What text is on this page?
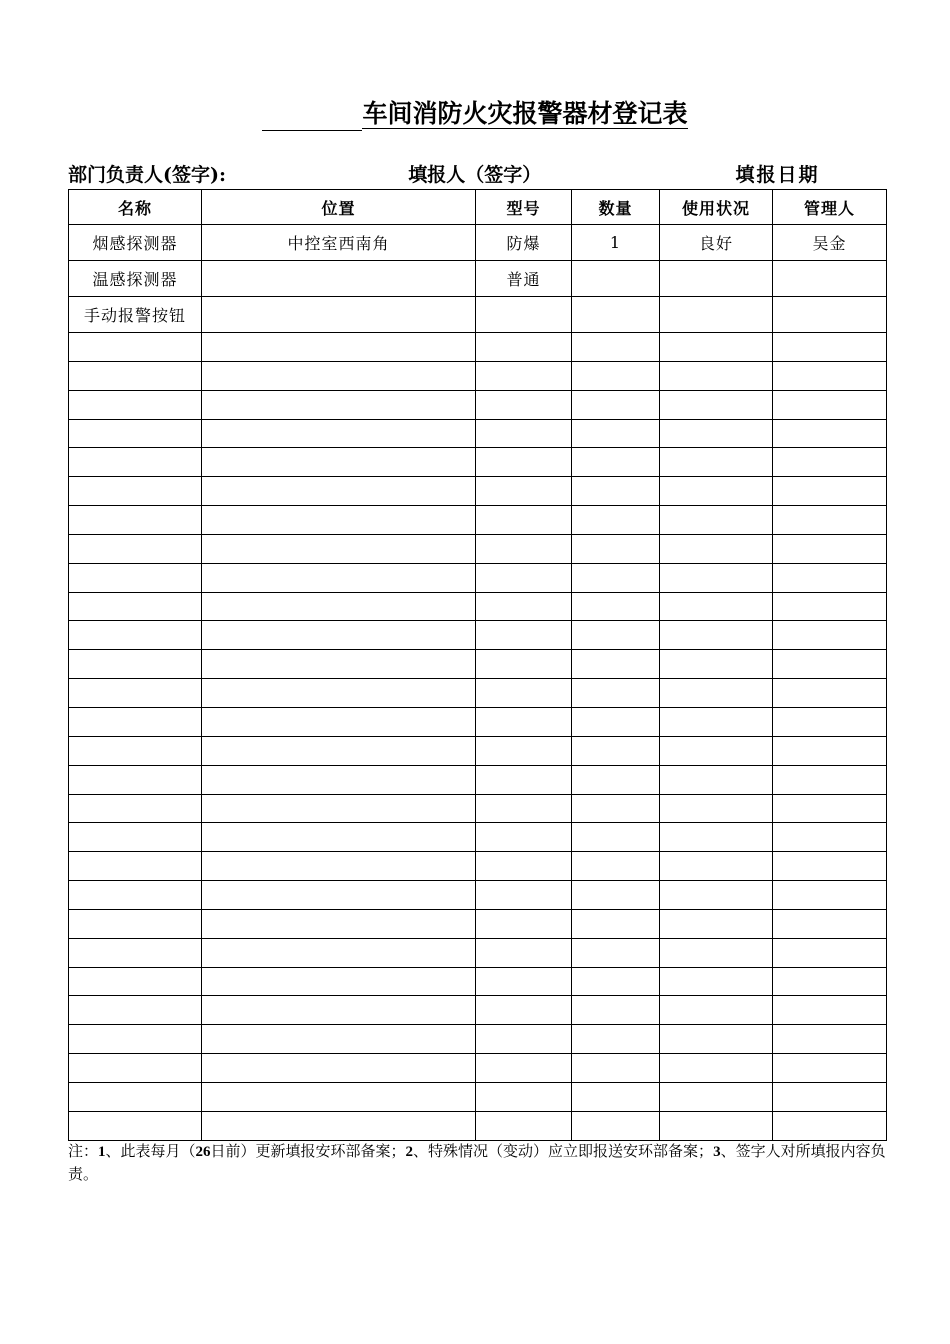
车间消防火灾报警器材登记表
部门负责人(签字):	填报人（签字）	填报日期
名称	位置	型号	数量	使用状况	管理人
烟感探测器	中控室西南角	防爆	1	良好	吴金
温感探测器		普通			
手动报警按钮					

注：1、此表每月（26日前）更新填报安环部备案；2、特殊情况（变动）应立即报送安环部备案；3、签字人对所填报内容负责。
